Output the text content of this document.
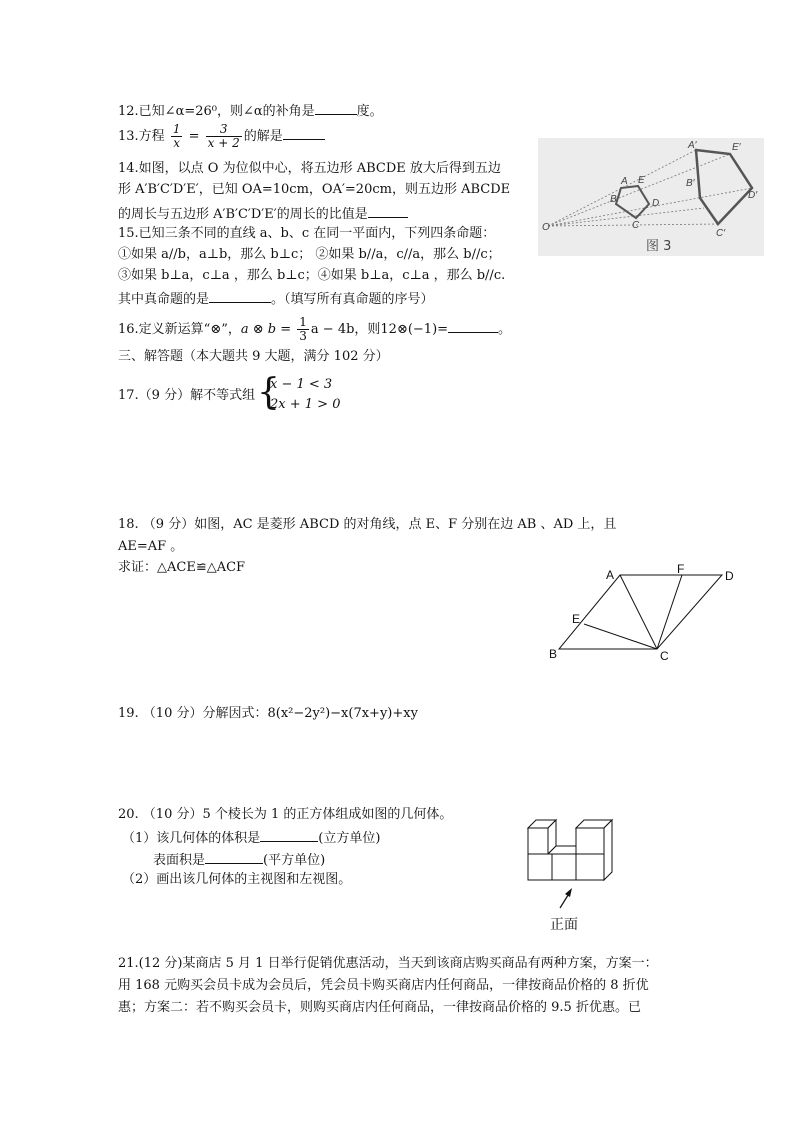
12.已知∠α=26⁰，则∠α的补角是	度。
13.方程 $\frac{1}{x} = \frac{3}{x + 2}$ 的解是
14.如图，以点 O 为位似中心，将五边形 ABCDE 放大后得到五边
形 A′B′C′D′E′，已知 OA=10cm，OA′=20cm，则五边形 ABCDE
的周长与五边形 A′B′C′D′E′的周长的比值是
15.已知三条不同的直线 a、b、c 在同一平面内，下列四条命题：
①如果 a//b，a⊥b，那么 b⊥c； ②如果 b//a，c//a，那么 b//c；
③如果 b⊥a，c⊥a ，那么 b⊥c；④如果 b⊥a，c⊥a ，那么 b//c.
其中真命题的是	。（填写所有真命题的序号）
16.定义新运算“⊗”，a ⊗ $b = \frac{1}{3}$ a − 4b，则12⊗(−1)=	。
三、解答题（本大题共 9 大题，满分 102 分）
17.（9 分）解不等式组 {
x − 1 < 3
2x + 1 > 0
18. （9 分）如图，AC 是菱形 ABCD 的对角线，点 E、F 分别在边 AB 、AD 上，且
AE=AF 。
求证：△ACE≌△ACF	A	F	D
E
B	C
19. （10 分）分解因式：8(x²−2y²)−x(7x+y)+xy
20. （10 分）5 个棱长为 1 的正方体组成如图的几何体。
（1）该几何体的体积是	(立方单位)
表面积是	(平方单位)
（2）画出该几何体的主视图和左视图。
正面
21.(12 分)某商店 5 月 1 日举行促销优惠活动，当天到该商店购买商品有两种方案，方案一：
用 168 元购买会员卡成为会员后，凭会员卡购买商店内任何商品，一律按商品价格的 8 折优
惠；方案二：若不购买会员卡，则购买商店内任何商品，一律按商品价格的 9.5 折优惠。已
O
A
B
C
D
E
A′
B′
C′
D′
E′
图 3
